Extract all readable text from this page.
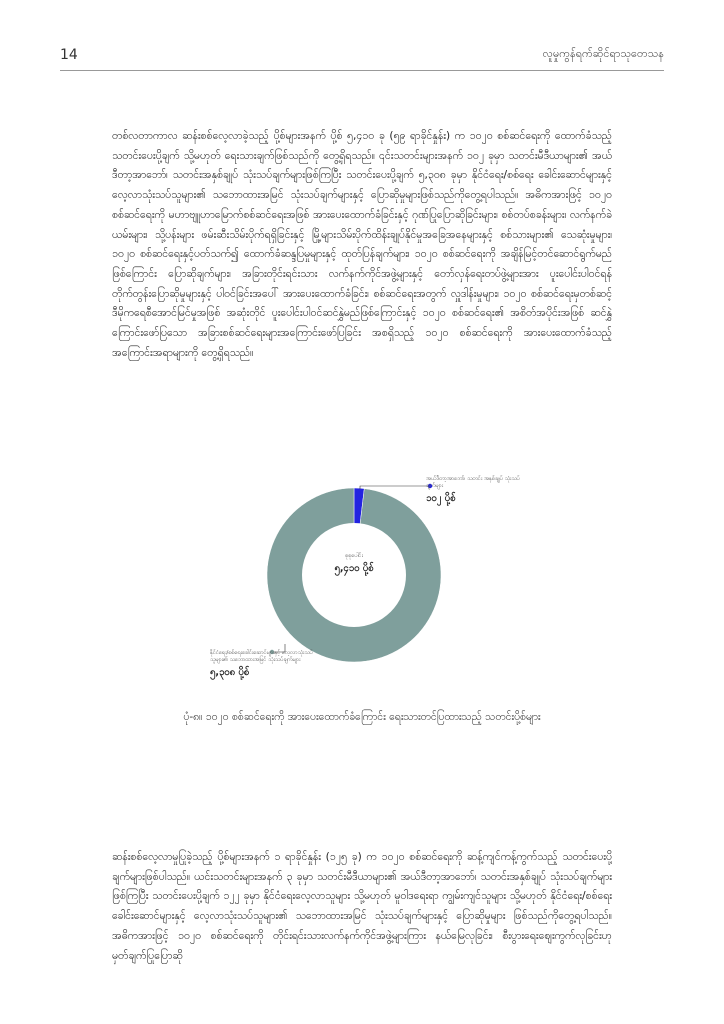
14	လူမှုကွန်ရက်ဆိုင်ရာသုတေသန

တစ်လတာကာလ ဆန်းစစ်လေ့လာခဲ့သည့် ပို့စ်များအနက် ပို့စ် ၅,၄၁၀ ခု (၅၉ ရာခိုင်နှုန်း) က ၁၀၂၀ စစ်ဆင်ရေးကို ထောက်ခံသည့် သတင်းပေးပို့ချက် သို့မဟုတ် ရေးသားချက်ဖြစ်သည်ကို တွေ့ရှိရသည်။ ၎င်းသတင်းများအနက် ၁၀၂ ခုမှာ သတင်းမီဒီယာများ၏ အယ်ဒီတာ့အာဘော်၊ သတင်းအနှစ်ချုပ် သုံးသပ်ချက်များဖြစ်ကြပြီး သတင်းပေးပို့ချက် ၅,၃၀၈ ခုမှာ နိုင်ငံရေး/စစ်ရေး ခေါင်းဆောင်များနှင့် လေ့လာသုံးသပ်သူများ၏ သဘောထားအမြင် သုံးသပ်ချက်များနှင့် ပြောဆိုမှုများဖြစ်သည်ကိုတွေ့ရပါသည်။ အဓိကအားဖြင့် ၁၀၂၀ စစ်ဆင်ရေးကို မဟာဗျူဟာမြောက်စစ်ဆင်ရေးအဖြစ် အားပေးထောက်ခံခြင်းနှင့် ဂုဏ်ပြုပြောဆိုခြင်းများ၊ စစ်တပ်စခန်းများ၊ လက်နက်ခဲယမ်းများ၊ သို့ပန်းများ ဖမ်းဆီးသိမ်းပိုက်ရရှိခြင်းနှင့် မြို့များသိမ်းပိုက်ထိန်းချုပ်နိုင်မှုအခြေအနေများနှင့် စစ်သားများ၏ သေဆုံးမှုများ၊ ၁၀၂၀ စစ်ဆင်ရေးနှင့်ပတ်သက်၍ ထောက်ခံဆန္ဒပြမှုများနှင့် ထုတ်ပြန်ချက်များ၊ ၁၀၂၀ စစ်ဆင်ရေးကို အချိန်မြင့်တင်ဆောင်ရွက်မည်ဖြစ်ကြောင်း ပြောဆိုချက်များ၊ အခြားတိုင်းရင်းသား လက်နက်ကိုင်အဖွဲ့များနှင့် တော်လှန်ရေးတပ်ဖွဲ့များအား ပူးပေါင်းပါဝင်ရန် တိုက်တွန်းပြောဆိုမှုများနှင့် ပါဝင်ခြင်းအပေါ် အားပေးထောက်ခံခြင်း၊ စစ်ဆင်ရေးအတွက် လှူဒါန်းမှုများ၊ ၁၀၂၀ စစ်ဆင်ရေးမှတစ်ဆင့် ဒီမိုကရေစီအောင်မြင်မှုအဖြစ် အဆုံးတိုင် ပူးပေါင်းပါဝင်ဆင်နွှဲမည်ဖြစ်ကြောင်းနှင့် ၁၀၂၀ စစ်ဆင်ရေး၏ အစိတ်အပိုင်းအဖြစ် ဆင်နွှဲကြောင်းဖော်ပြသော အခြားစစ်ဆင်ရေးများအကြောင်းဖော်ပြခြင်း အစရှိသည့် ၁၀၂၀ စစ်ဆင်ရေးကို အားပေးထောက်ခံသည့် အကြောင်းအရာများကို တွေ့ရှိရသည်။

အယ်ဒီတာ့အာဘော်၊ သတင်း အနှစ်ချုပ် သုံးသပ်ချက်များ
၁၀၂ ပို့စ်
စုစုပေါင်း
၅,၄၁၀ ပို့စ်
နိုင်ငံရေး/စစ်ရေးခေါင်းဆောင်များနှင့် လေ့လာသုံးသပ်သူများ၏ သဘောထားအမြင် သုံးသပ်ချက်များ
၅,၃၀၈ ပို့စ်
ပုံ-၈။ ၁၀၂၀ စစ်ဆင်ရေးကို အားပေးထောက်ခံကြောင်း ရေးသားတင်ပြထားသည့် သတင်းပို့စ်များ

ဆန်းစစ်လေ့လာမှုပြုခဲ့သည့် ပို့စ်များအနက် ၁ ရာခိုင်နှုန်း (၁၂၅ ခု) က ၁၀၂၀ စစ်ဆင်ရေးကို ဆန့်ကျင်ကန့်ကွက်သည့် သတင်းပေးပို့ချက်များဖြစ်ပါသည်။ ယင်းသတင်းများအနက် ၃ ခုမှာ သတင်းမီဒီယာများ၏ အယ်ဒီတာ့အာဘော်၊ သတင်းအနှစ်ချုပ် သုံးသပ်ချက်များဖြစ်ကြပြီး သတင်းပေးပို့ချက် ၁၂၂ ခုမှာ နိုင်ငံရေးလေ့လာသူများ သို့မဟုတ် မူဝါဒရေးရာ ကျွမ်းကျင်သူများ သို့မဟုတ် နိုင်ငံရေး/စစ်ရေး ခေါင်းဆောင်များနှင့် လေ့လာသုံးသပ်သူများ၏ သဘောထားအမြင် သုံးသပ်ချက်များနှင့် ပြောဆိုမှုများ ဖြစ်သည်ကိုတွေ့ရပါသည်။ အဓိကအားဖြင့် ၁၀၂၀ စစ်ဆင်ရေးကို တိုင်းရင်းသားလက်နက်ကိုင်အဖွဲ့များကြား နယ်မြေလုခြင်း၊ စီးပွားရေးစျေးကွက်လုခြင်းဟု မှတ်ချက်ပြုပြောဆို
